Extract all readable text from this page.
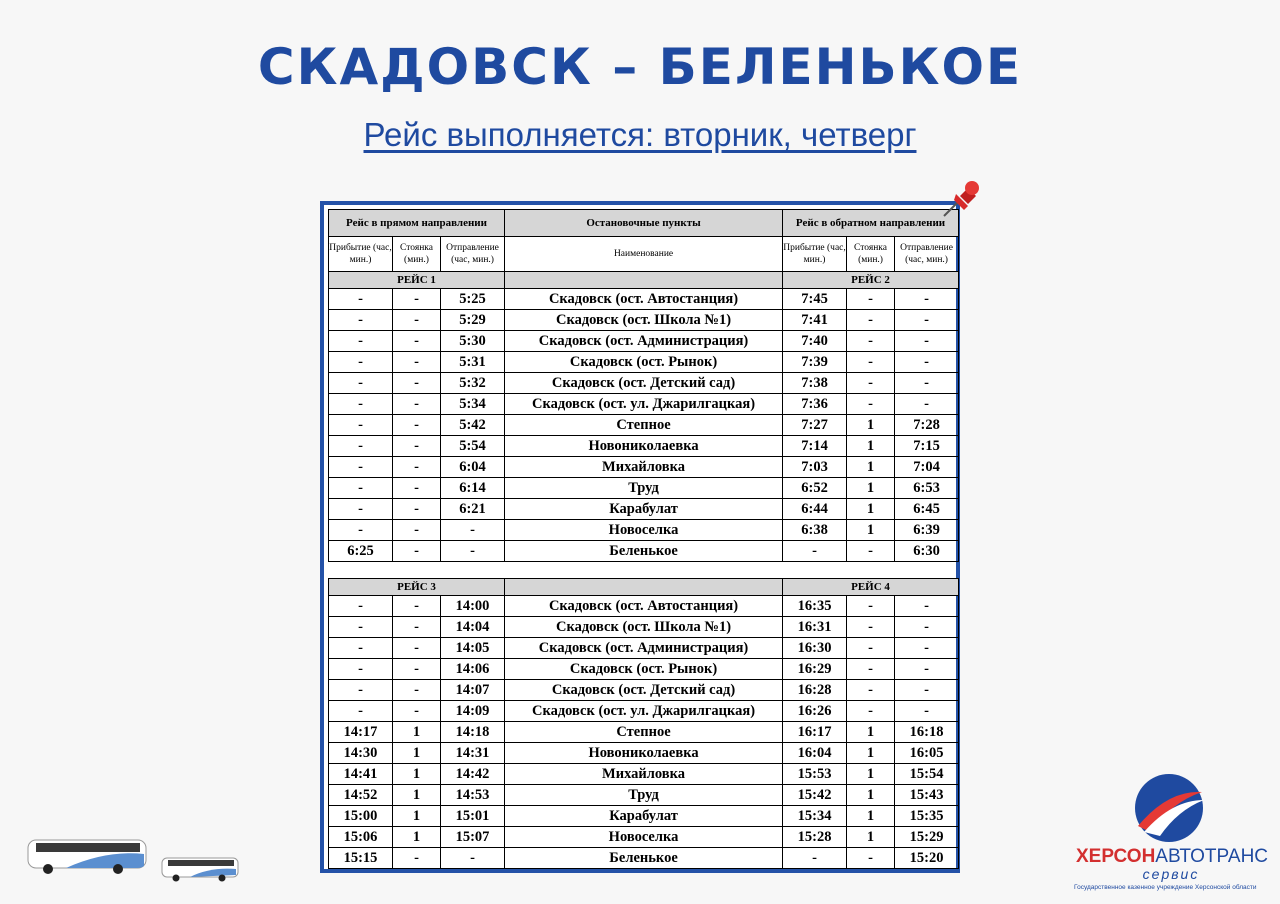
СКАДОВСК – БЕЛЕНЬКОЕ
Рейс выполняется: вторник, четверг
Рейс в прямом направлении			Остановочные пункты	Рейс в обратном направлении		
Прибытие (час, мин.)	Стоянка (мин.)	Отправление (час, мин.)	Наименование	Прибытие (час, мин.)	Стоянка (мин.)	Отправление (час, мин.)
РЕЙС 1				РЕЙС 2		
-	-	5:25	Скадовск (ост. Автостанция)	7:45	-	-
-	-	5:29	Скадовск (ост. Школа №1)	7:41	-	-
-	-	5:30	Скадовск (ост. Администрация)	7:40	-	-
-	-	5:31	Скадовск (ост. Рынок)	7:39	-	-
-	-	5:32	Скадовск (ост. Детский сад)	7:38	-	-
-	-	5:34	Скадовск (ост. ул. Джарилгацкая)	7:36	-	-
-	-	5:42	Степное	7:27	1	7:28
-	-	5:54	Новониколаевка	7:14	1	7:15
-	-	6:04	Михайловка	7:03	1	7:04
-	-	6:14	Труд	6:52	1	6:53
-	-	6:21	Карабулат	6:44	1	6:45
-	-	-	Новоселка	6:38	1	6:39
6:25	-	-	Беленькое	-	-	6:30

РЕЙС 3				РЕЙС 4		
-	-	14:00	Скадовск (ост. Автостанция)	16:35	-	-
-	-	14:04	Скадовск (ост. Школа №1)	16:31	-	-
-	-	14:05	Скадовск (ост. Администрация)	16:30	-	-
-	-	14:06	Скадовск (ост. Рынок)	16:29	-	-
-	-	14:07	Скадовск (ост. Детский сад)	16:28	-	-
-	-	14:09	Скадовск (ост. ул. Джарилгацкая)	16:26	-	-
14:17	1	14:18	Степное	16:17	1	16:18
14:30	1	14:31	Новониколаевка	16:04	1	16:05
14:41	1	14:42	Михайловка	15:53	1	15:54
14:52	1	14:53	Труд	15:42	1	15:43
15:00	1	15:01	Карабулат	15:34	1	15:35
15:06	1	15:07	Новоселка	15:28	1	15:29
15:15	-	-	Беленькое	-	-	15:20	ХЕРСОНАВТОТРАНС
сервис
Государственное казенное учреждение Херсонской области
